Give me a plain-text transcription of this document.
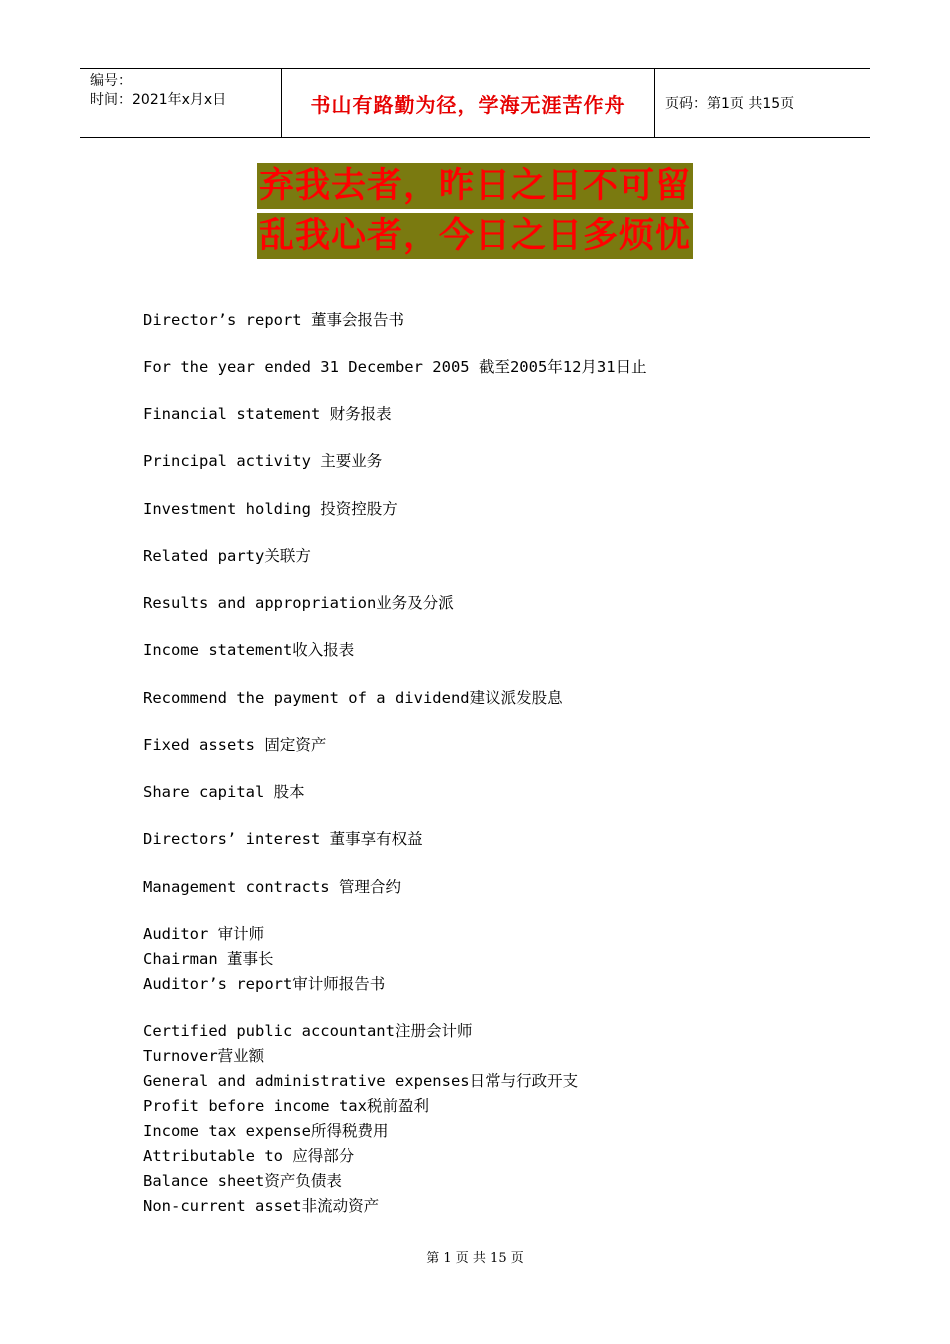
编号：
时间：2021年x月x日	书山有路勤为径，学海无涯苦作舟	页码：第1页 共15页
弃我去者，昨日之日不可留
乱我心者，今日之日多烦忧
Director’s report 董事会报告书
For the year ended 31 December 2005 截至2005年12月31日止
Financial statement 财务报表
Principal activity 主要业务
Investment holding 投资控股方
Related party关联方
Results and appropriation业务及分派
Income statement收入报表
Recommend the payment of a dividend建议派发股息
Fixed assets 固定资产
Share capital 股本
Directors’ interest 董事享有权益
Management contracts 管理合约
Auditor 审计师
Chairman 董事长
Auditor’s report审计师报告书
Certified public accountant注册会计师
Turnover营业额
General and administrative expenses日常与行政开支
Profit before income tax税前盈利
Income tax expense所得税费用
Attributable to 应得部分
Balance sheet资产负债表
Non-current asset非流动资产
第 1 页 共 15 页
